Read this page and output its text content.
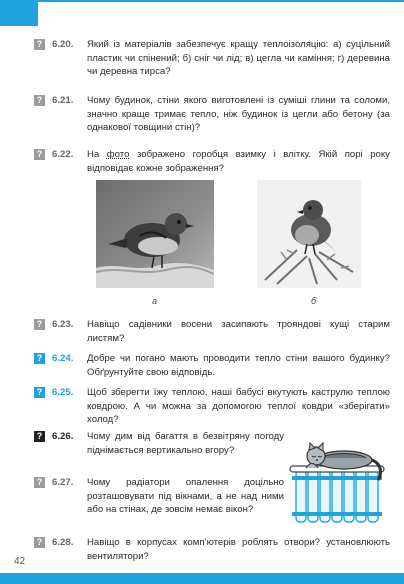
? 6.20. Який із матеріалів забезпечує кращу теплоізоляцію: а) суцільний пластик чи спінений; б) сніг чи лід; в) цегла чи каміння; г) деревина чи деревна тирса?
? 6.21. Чому будинок, стіни якого виготовлені із суміші глини та соломи, значно краще тримає тепло, ніж будинок із цегли або бетону (за однакової товщини стін)?
? 6.22. На фото зображено горобця взимку і влітку. Якій порі року відповідає кожне зображення?
а	б
? 6.23. Навіщо садівники восени засипають трояндові кущі старим листям?
? 6.24. Добре чи погано мають проводити тепло стіни вашого будинку? Обґрунтуйте свою відповідь.
? 6.25. Щоб зберегти їжу теплою, наші бабусі вкутують каструлю теплою ковдрою. А чи можна за допомогою теплої ковдри «зберігати» холод?
? 6.26. Чому дим від багаття в безвітряну погоду піднімається вертикально вгору?
? 6.27. Чому радіатори опалення доцільно розташовувати під вікнами, а не над ними або на стінах, де зовсім немає вікон?
? 6.28. Навіщо в корпусах комп’ютерів роблять отвори? установлюють вентилятори?
42
